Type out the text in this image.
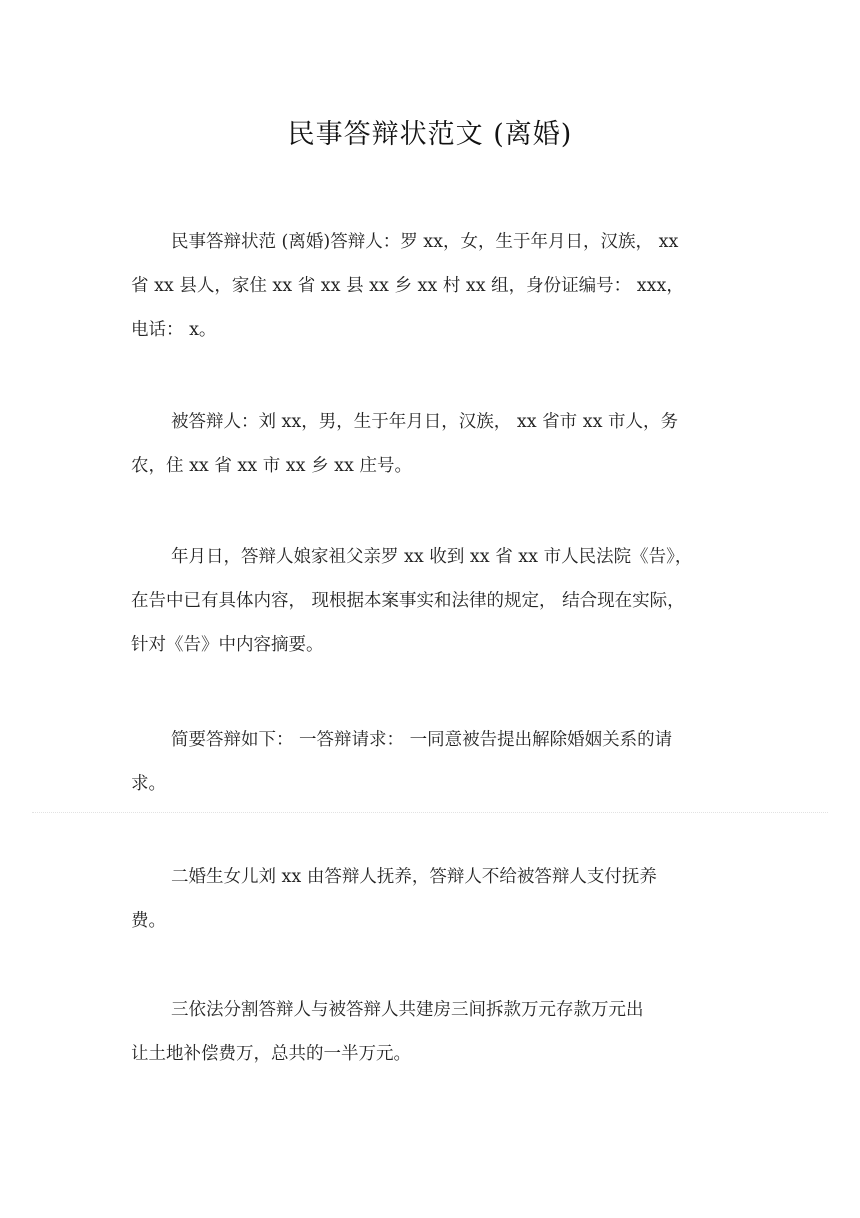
民事答辩状范文 (离婚)
民事答辩状范 (离婚)答辩人：罗 xx，女，生于年月日，汉族， xx
省 xx 县人，家住 xx 省 xx 县 xx 乡 xx 村 xx 组，身份证编号： xxx，
电话： x。
被答辩人：刘 xx，男，生于年月日，汉族， xx 省市 xx 市人，务
农，住 xx 省 xx 市 xx 乡 xx 庄号。
年月日，答辩人娘家祖父亲罗 xx 收到 xx 省 xx 市人民法院《告》，
在告中已有具体内容， 现根据本案事实和法律的规定， 结合现在实际，
针对《告》中内容摘要。
简要答辩如下： 一答辩请求： 一同意被告提出解除婚姻关系的请
求。
二婚生女儿刘 xx 由答辩人抚养，答辩人不给被答辩人支付抚养
费。
三依法分割答辩人与被答辩人共建房三间拆款万元存款万元出
让土地补偿费万，总共的一半万元。
